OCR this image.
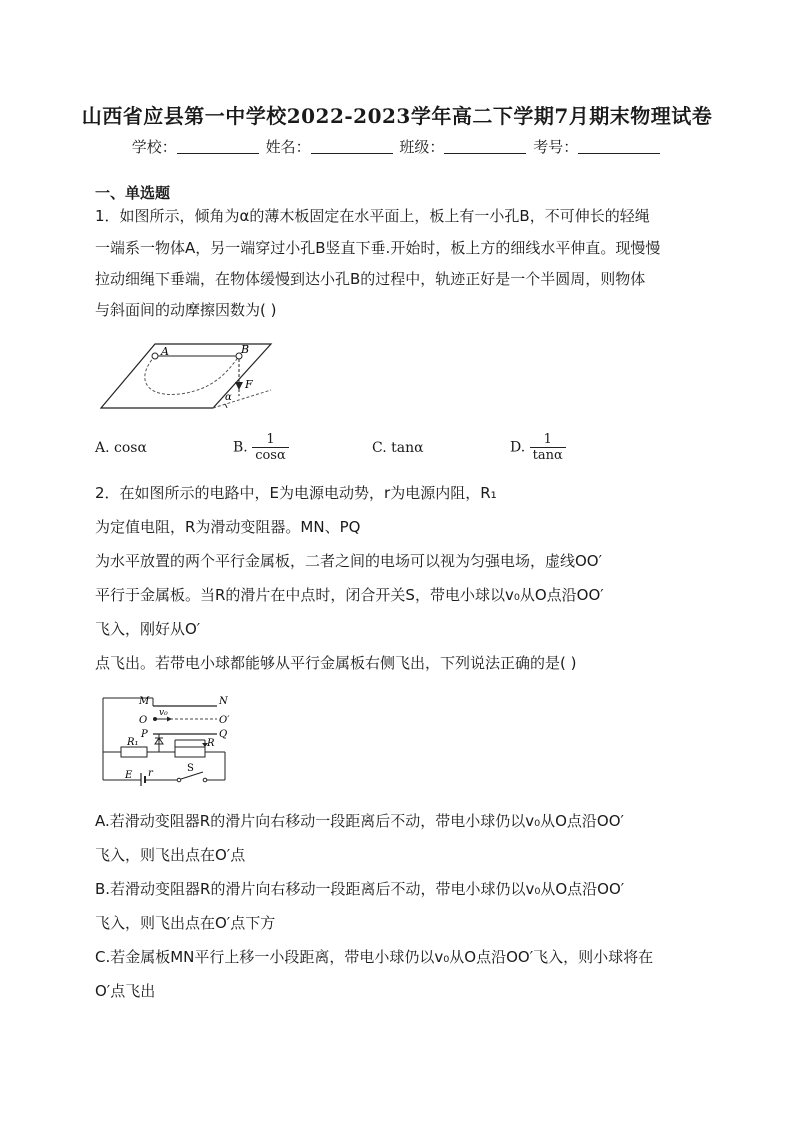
山西省应县第一中学校2022-2023学年高二下学期7月期末物理试卷
学校：	姓名：	班级：	考号：
一、单选题
1．如图所示，倾角为α的薄木板固定在水平面上，板上有一小孔B，不可伸长的轻绳
一端系一物体A，另一端穿过小孔B竖直下垂.开始时，板上方的细线水平伸直。现慢慢
拉动细绳下垂端，在物体缓慢到达小孔B的过程中，轨迹正好是一个半圆周，则物体
与斜面间的动摩擦因数为( )
A	B
F
α
A. cosα	B. $\frac{1}{\cos\alpha}$	C. tanα	D. $\frac{1}{\tan\alpha}$
2．在如图所示的电路中，E为电源电动势，r为电源内阻，R₁
为定值电阻，R为滑动变阻器。MN、PQ
为水平放置的两个平行金属板，二者之间的电场可以视为匀强电场，虚线OO′
平行于金属板。当R的滑片在中点时，闭合开关S，带电小球以v₀从O点沿OO′
飞入，刚好从O′
点飞出。若带电小球都能够从平行金属板右侧飞出，下列说法正确的是( )
M	N
O	O′
P	Q
v₀
R₁	R
E r	S
A.若滑动变阻器R的滑片向右移动一段距离后不动，带电小球仍以v₀从O点沿OO′
飞入，则飞出点在O′点
B.若滑动变阻器R的滑片向右移动一段距离后不动，带电小球仍以v₀从O点沿OO′
飞入，则飞出点在O′点下方
C.若金属板MN平行上移一小段距离，带电小球仍以v₀从O点沿OO′飞入，则小球将在
O′点飞出
